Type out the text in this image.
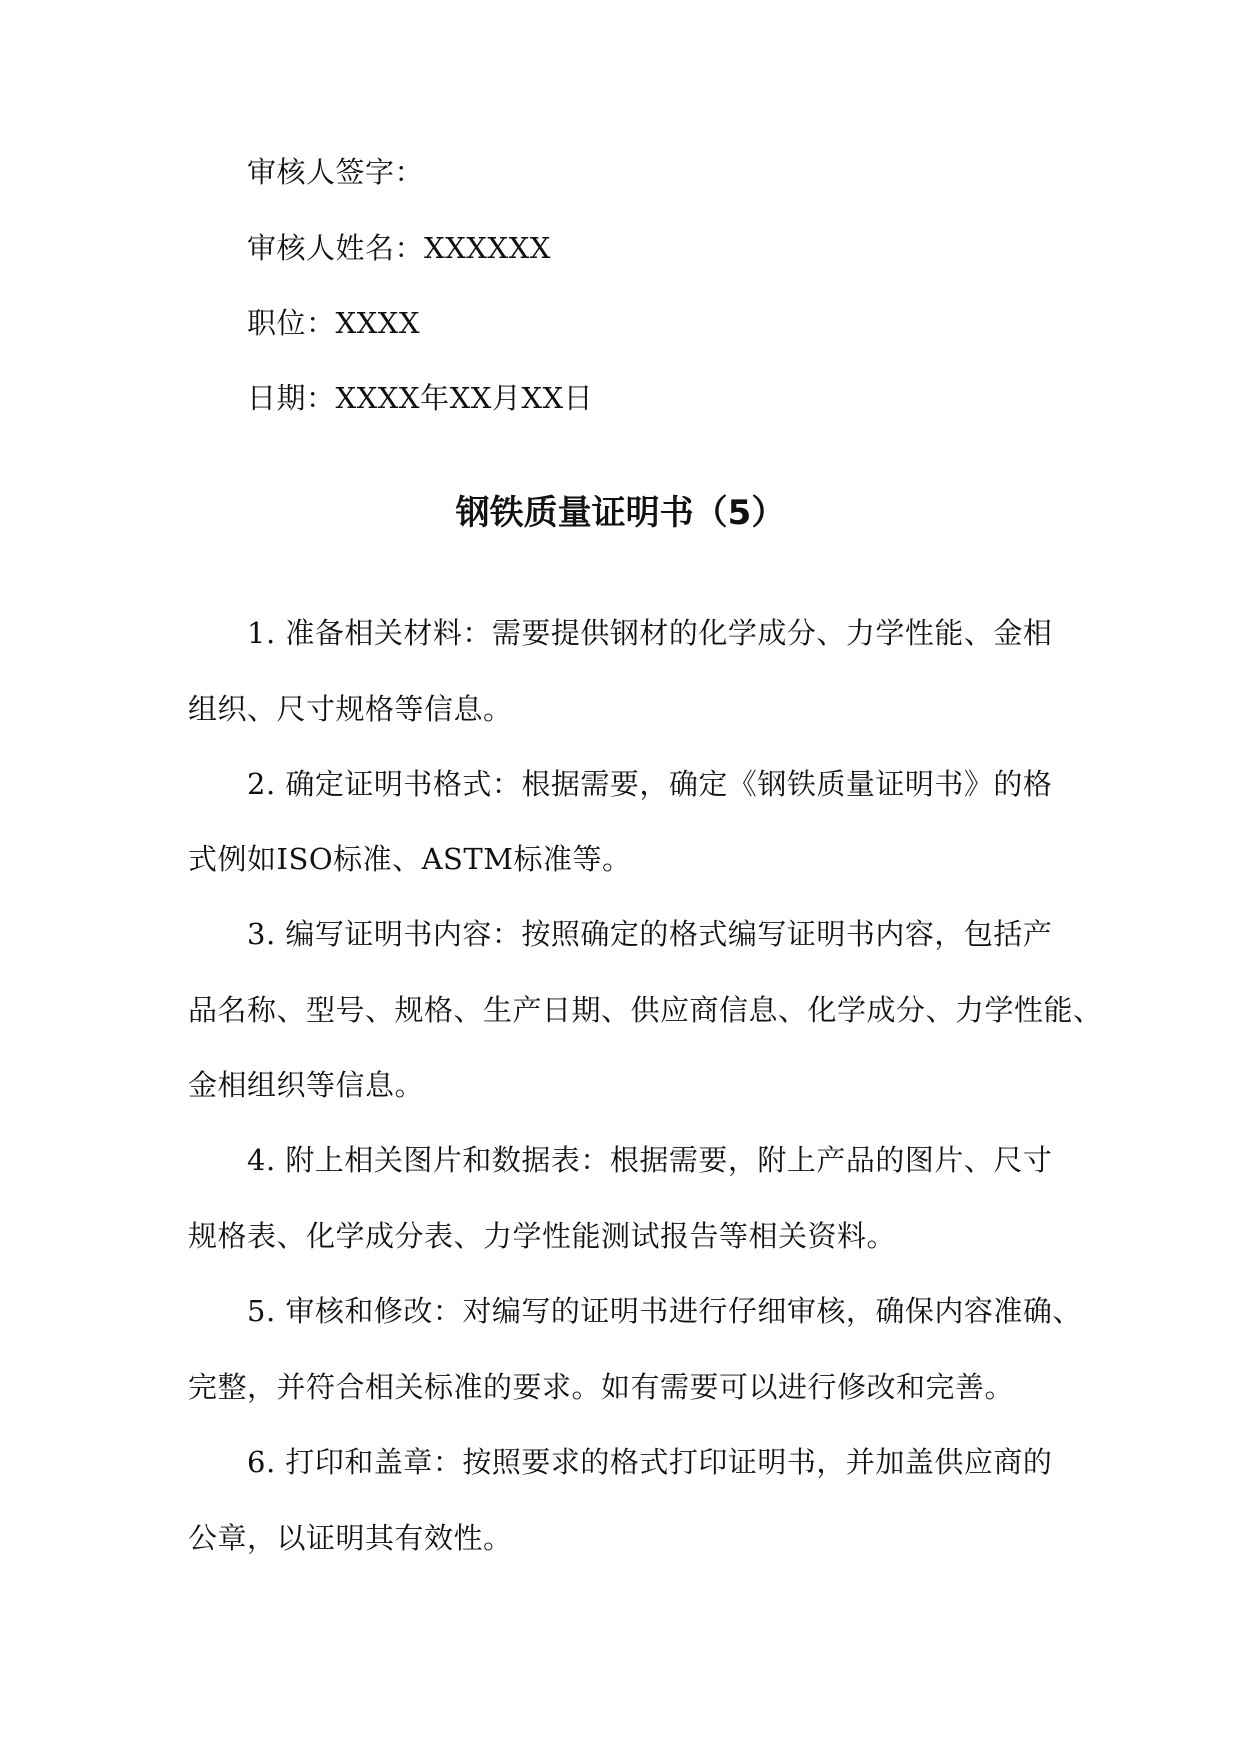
审核人签字：
审核人姓名：XXXXXX
职位：XXXX
日期：XXXX年XX月XX日
钢铁质量证明书（5）
1. 准备相关材料：需要提供钢材的化学成分、力学性能、金相
组织、尺寸规格等信息。
2. 确定证明书格式：根据需要，确定《钢铁质量证明书》的格
式例如ISO标准、ASTM标准等。
3. 编写证明书内容：按照确定的格式编写证明书内容，包括产
品名称、型号、规格、生产日期、供应商信息、化学成分、力学性能、
金相组织等信息。
4. 附上相关图片和数据表：根据需要，附上产品的图片、尺寸
规格表、化学成分表、力学性能测试报告等相关资料。
5. 审核和修改：对编写的证明书进行仔细审核，确保内容准确、
完整，并符合相关标准的要求。如有需要可以进行修改和完善。
6. 打印和盖章：按照要求的格式打印证明书，并加盖供应商的
公章，以证明其有效性。
